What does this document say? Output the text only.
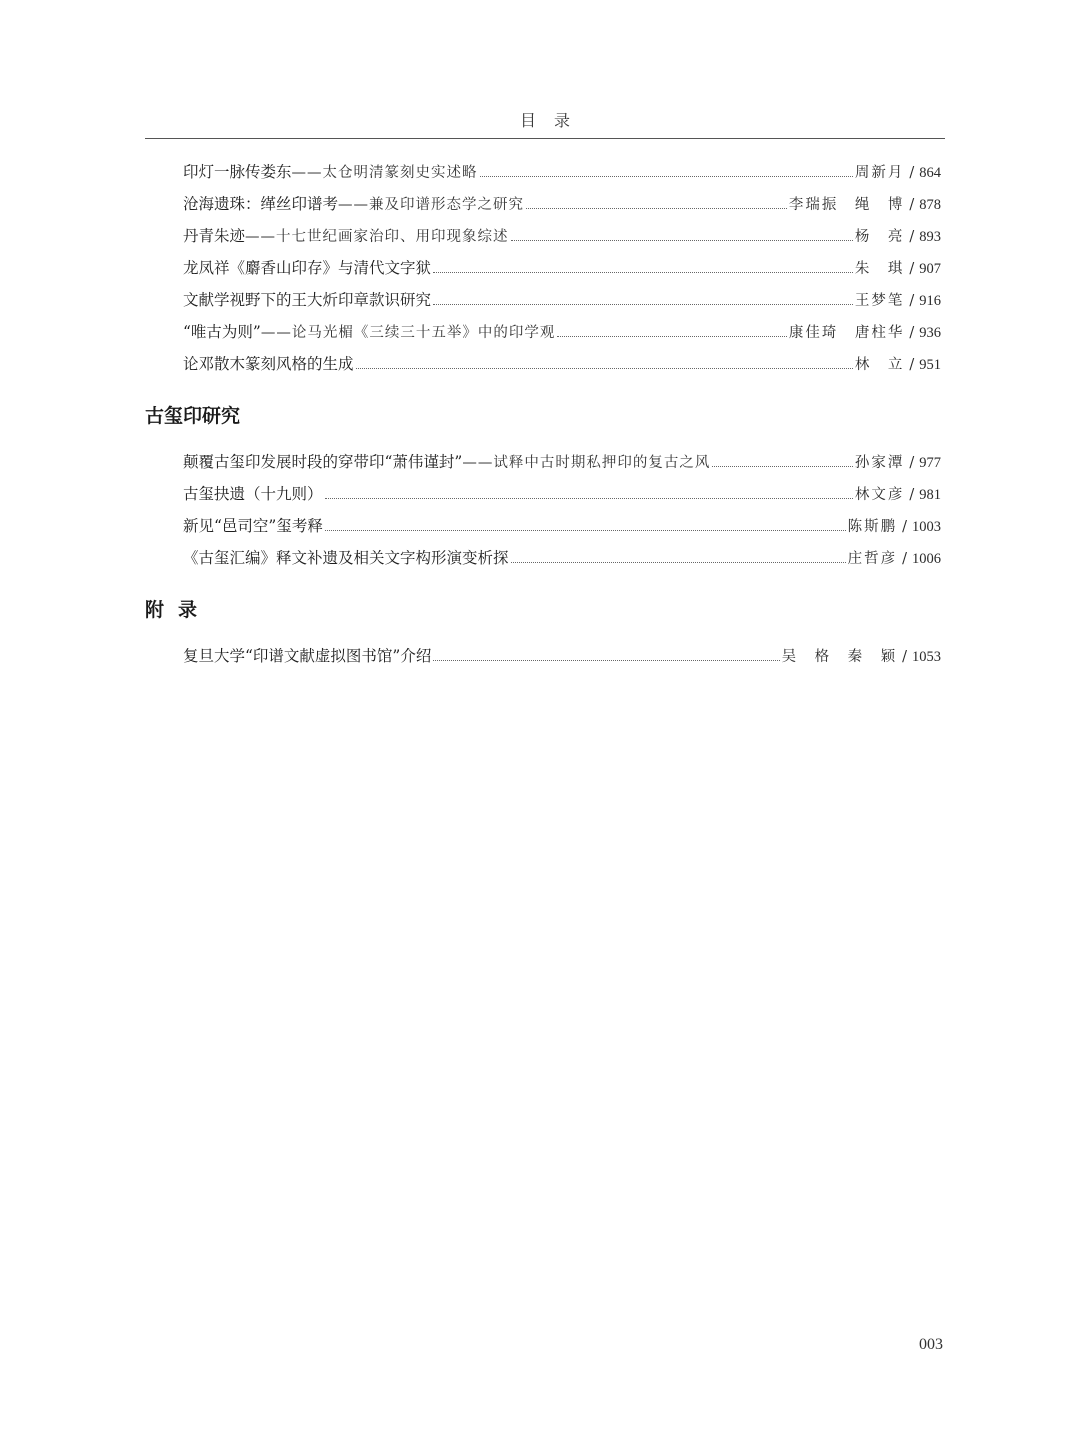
目录
印灯一脉传娄东 ——太仓明清篆刻史实述略	周新月 / 864
沧海遗珠：缂丝印谱考 ——兼及印谱形态学之研究	李瑞振　绳　博 / 878
丹青朱迹 ——十七世纪画家治印、用印现象综述	杨　亮 / 893
龙凤祥《麝香山印存》与清代文字狱	朱　琪 / 907
文献学视野下的王大炘印章款识研究	王梦笔 / 916
“唯古为则” ——论马光楣《三续三十五举》中的印学观	康佳琦　唐柱华 / 936
论邓散木篆刻风格的生成	林　立 / 951
古玺印研究
颠覆古玺印发展时段的穿带印“萧伟谨封” ——试释中古时期私押印的复古之风	孙家潭 / 977
古玺抉遗（十九则）	林文彦 / 981
新见“邑司空”玺考释	陈斯鹏 / 1003
《古玺汇编》释文补遗及相关文字构形演变析探	庄哲彦 / 1006
附录
复旦大学“印谱文献虚拟图书馆”介绍	吴　格　秦　颖 / 1053
003
